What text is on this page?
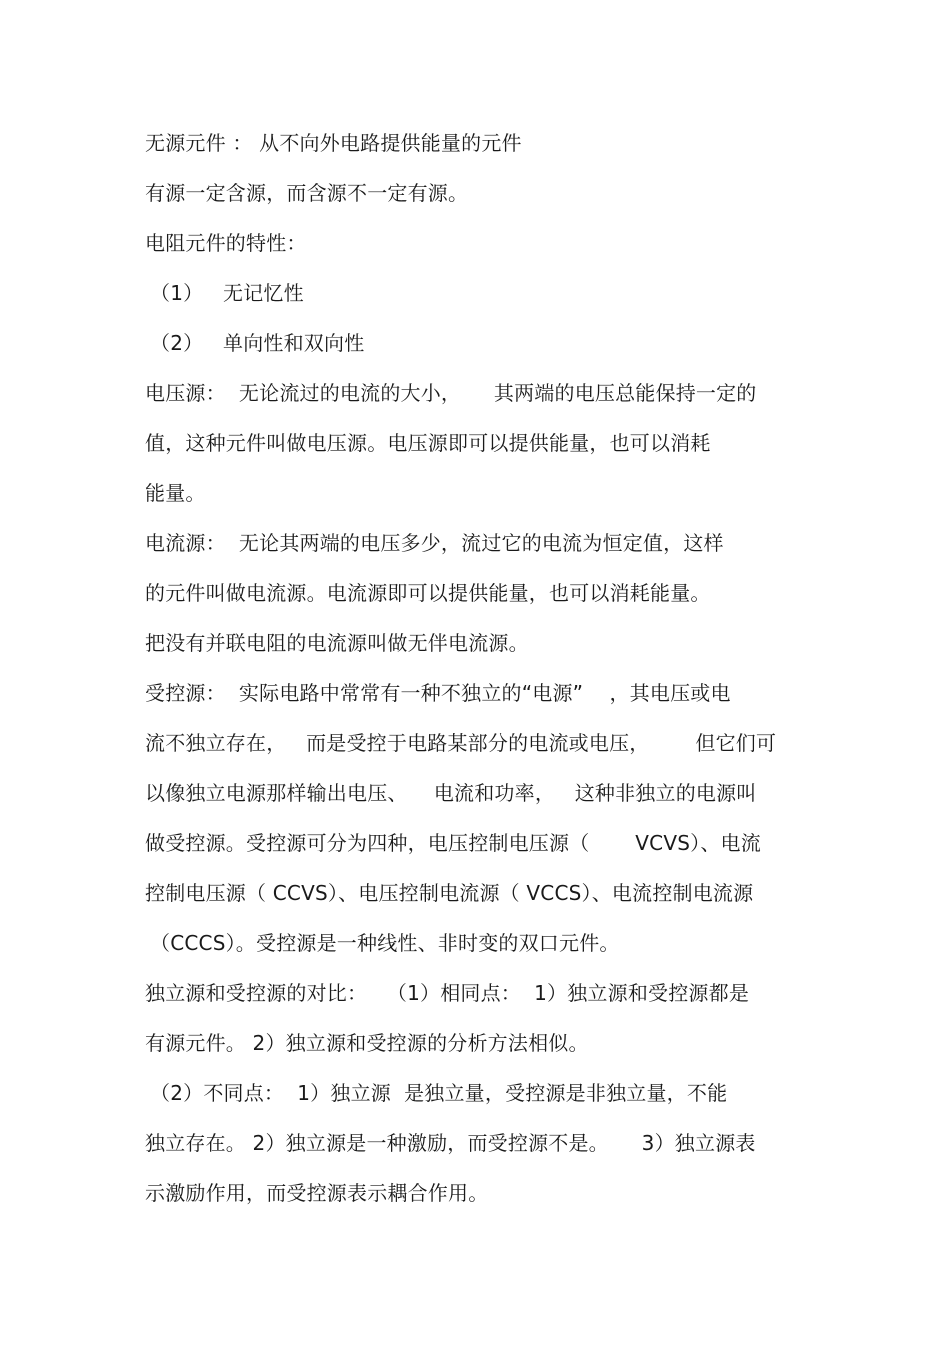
无源元件 ： 从不向外电路提供能量的元件
有源一定含源，而含源不一定有源。
电阻元件的特性：
（1）   无记忆性
（2）   单向性和双向性
电压源：  无论流过的电流的大小，     其两端的电压总能保持一定的
值，这种元件叫做电压源。电压源即可以提供能量，也可以消耗
能量。
电流源：  无论其两端的电压多少，流过它的电流为恒定值，这样
的元件叫做电流源。电流源即可以提供能量，也可以消耗能量。
把没有并联电阻的电流源叫做无伴电流源。
受控源：  实际电路中常常有一种不独立的“电源”    ，其电压或电
流不独立存在，   而是受控于电路某部分的电流或电压，       但它们可
以像独立电源那样输出电压、    电流和功率，   这种非独立的电源叫
做受控源。受控源可分为四种，电压控制电压源（       VCVS）、电流
控制电压源（ CCVS）、电压控制电流源（ VCCS）、电流控制电流源
（CCCS）。受控源是一种线性、非时变的双口元件。
独立源和受控源的对比：   （1）相同点：  1）独立源和受控源都是
有源元件。 2）独立源和受控源的分析方法相似。
（2）不同点：  1）独立源  是独立量，受控源是非独立量，不能
独立存在。 2）独立源是一种激励，而受控源不是。     3）独立源表
示激励作用，而受控源表示耦合作用。
